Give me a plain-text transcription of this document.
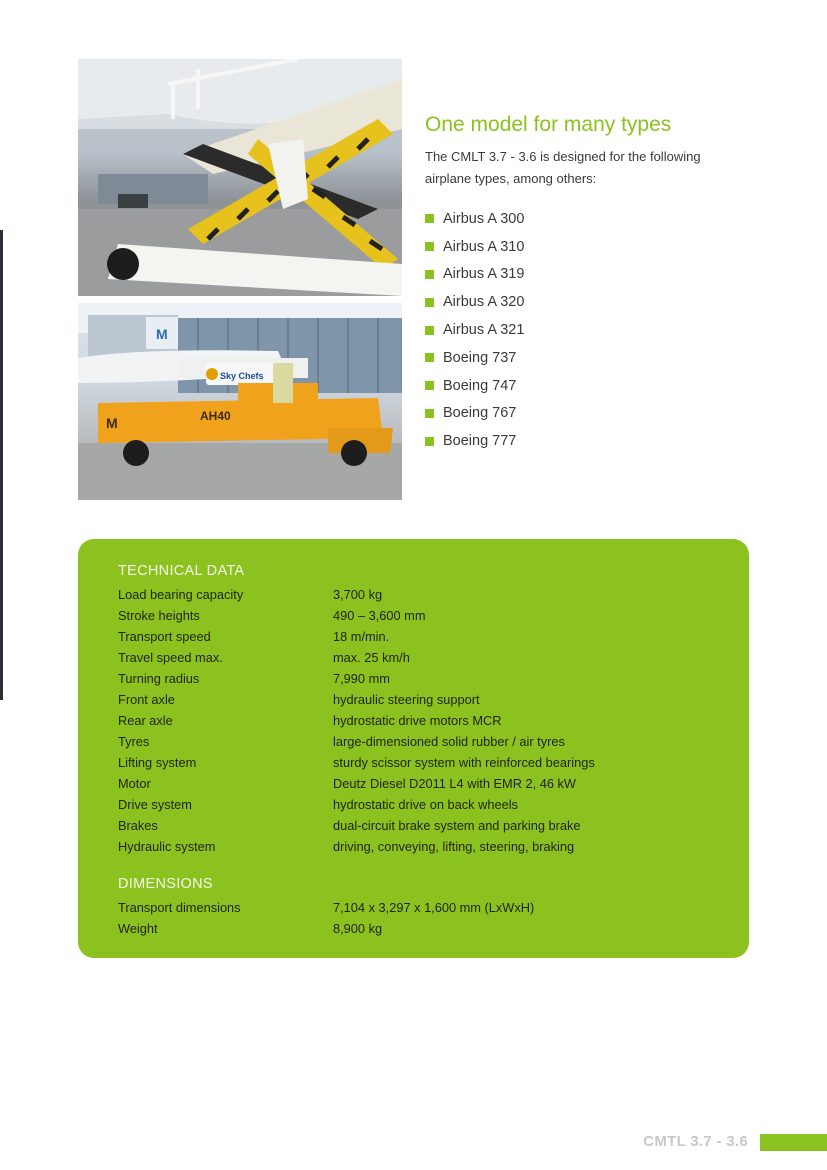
M
Sky Chefs
M	AH40
One model for many types

The CMLT 3.7 - 3.6 is designed for the following airplane types, among others:

Airbus A 300
Airbus A 310
Airbus A 319
Airbus A 320
Airbus A 321
Boeing 737
Boeing 747
Boeing 767
Boeing 777
TECHNICAL DATA
Load bearing capacity	3,700 kg
Stroke heights	490 – 3,600 mm
Transport speed	18 m/min.
Travel speed max.	max. 25 km/h
Turning radius	7,990 mm
Front axle	hydraulic steering support
Rear axle	hydrostatic drive motors MCR
Tyres	large-dimensioned solid rubber / air tyres
Lifting system	sturdy scissor system with reinforced bearings
Motor	Deutz Diesel D2011 L4 with EMR 2, 46 kW
Drive system	hydrostatic drive on back wheels
Brakes	dual-circuit brake system and parking brake
Hydraulic system	driving, conveying, lifting, steering, braking
DIMENSIONS
Transport dimensions	7,104 x 3,297 x 1,600 mm (LxWxH)
Weight	8,900 kg
CMTL 3.7 - 3.6
